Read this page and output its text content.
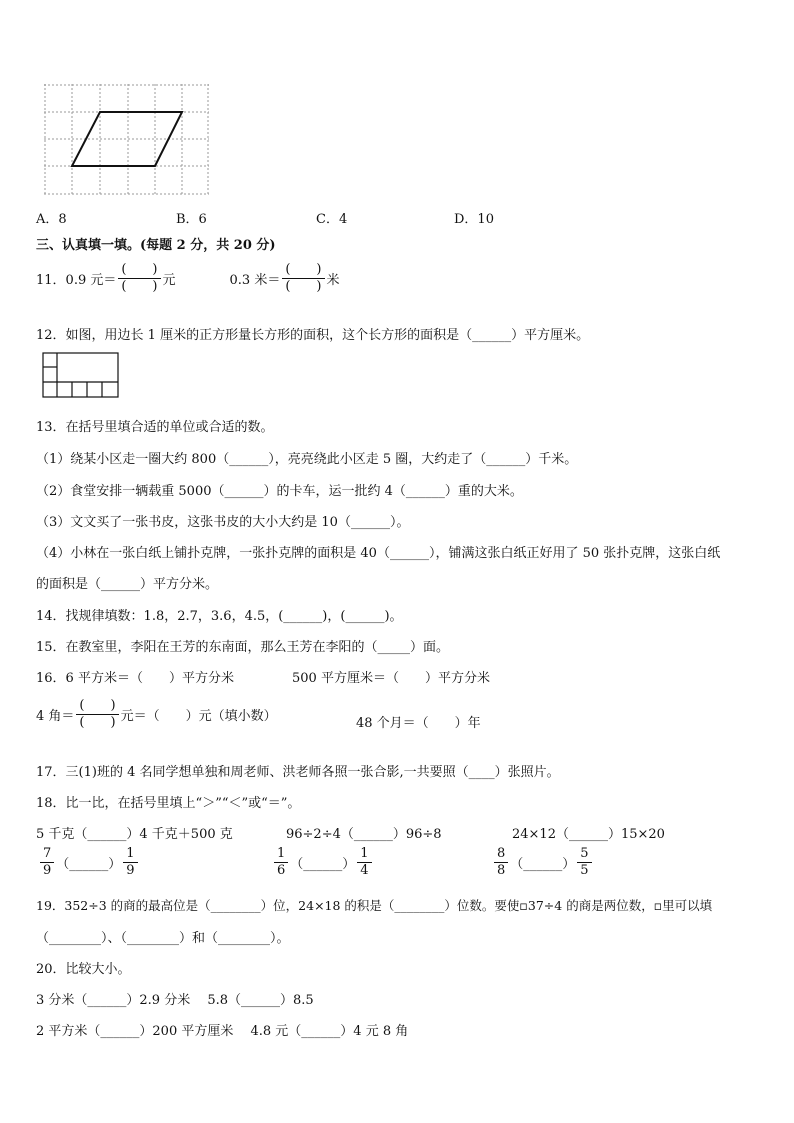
A．8	B．6	C．4	D．10
三、认真填一填。(每题 2 分，共 20 分)
11． 0.9 元＝ $\frac{( )}{( )}$ 元	0.3 米＝ $\frac{( )}{( )}$ 米
12．如图，用边长 1 厘米的正方形量长方形的面积，这个长方形的面积是（______）平方厘米。
13．在括号里填合适的单位或合适的数。
（1）绕某小区走一圈大约 800（______），亮亮绕此小区走 5 圈，大约走了（______）千米。
（2）食堂安排一辆载重 5000（______）的卡车，运一批约 4（______）重的大米。
（3）文文买了一张书皮，这张书皮的大小大约是 10（______）。
（4）小林在一张白纸上铺扑克牌，一张扑克牌的面积是 40（______），铺满这张白纸正好用了 50 张扑克牌，这张白纸
的面积是（______）平方分米。
14．找规律填数：1.8，2.7，3.6，4.5，(______)，(______)。
15．在教室里，李阳在王芳的东南面，那么王芳在李阳的（_____）面。
16．6 平方米＝（　　）平方分米	500 平方厘米＝（　　）平方分米
4 角＝ $\frac{( )}{( )}$ 元＝（　　）元（填小数）	48 个月＝（　　）年
17．三(1)班的 4 名同学想单独和周老师、洪老师各照一张合影,一共要照（____）张照片。
18．比一比，在括号里填上“＞”“＜”或“＝”。
5 千克（______）4 千克＋500 克	96÷2÷4（______）96÷8	24×12（______）15×20
$\frac{7}{9}$ （______） $\frac{1}{9}$	$\frac{1}{6}$ （______） $\frac{1}{4}$	$\frac{8}{8}$ （______） $\frac{5}{5}$
19．352÷3 的商的最高位是（________）位，24×18 的积是（________）位数。要使▫37÷4 的商是两位数，▫里可以填
（________）、（________）和（________）。
20．比较大小。
3 分米（______）2.9 分米　 5.8（______）8.5
2 平方米（______）200 平方厘米　 4.8 元（______）4 元 8 角
